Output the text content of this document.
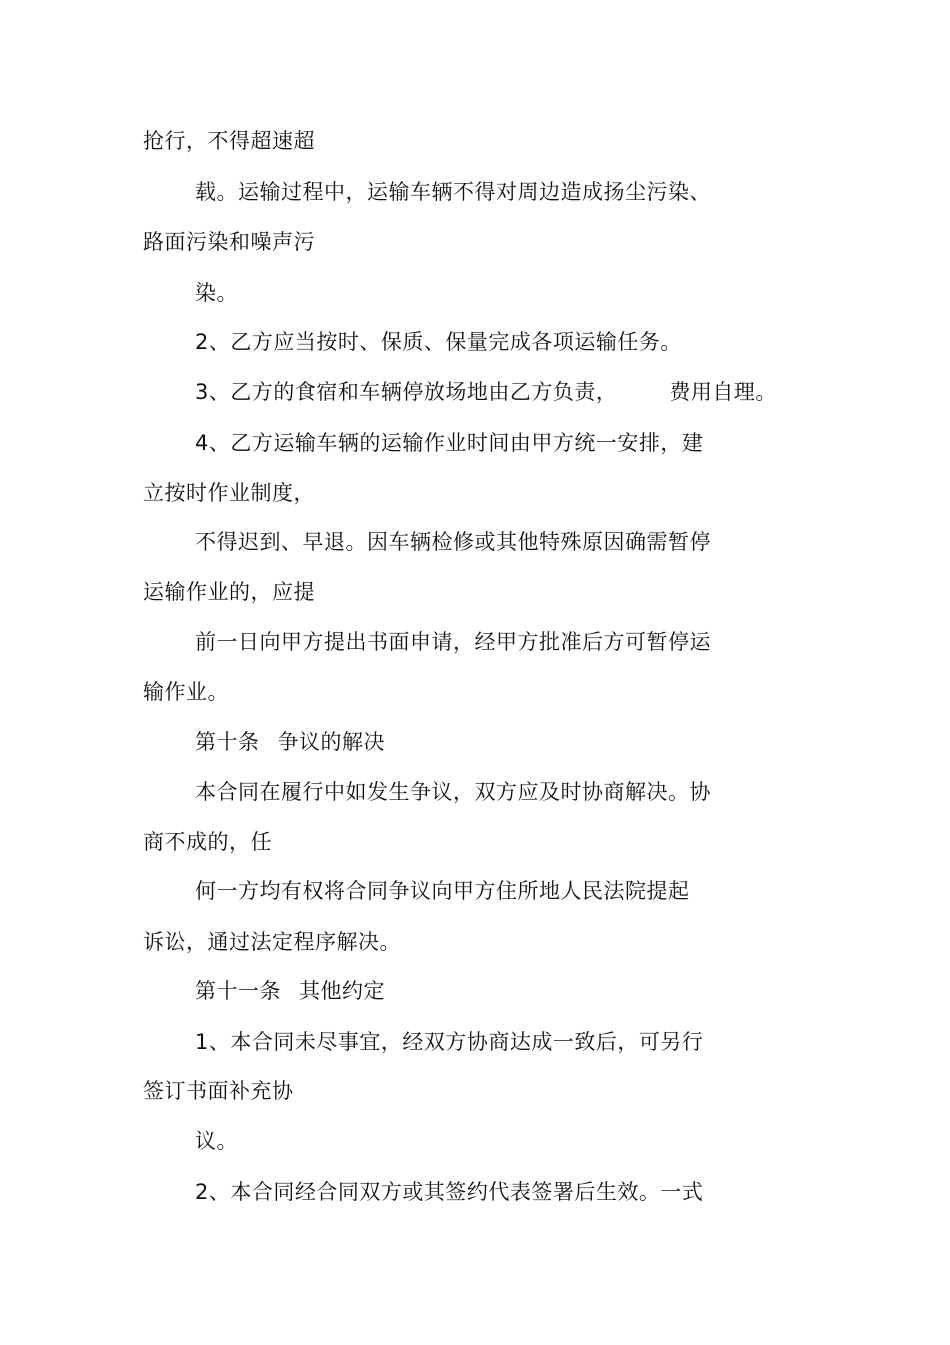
抢行，不得超速超
载。运输过程中，运输车辆不得对周边造成扬尘污染、
路面污染和噪声污
染。
2、乙方应当按时、保质、保量完成各项运输任务。
3、乙方的食宿和车辆停放场地由乙方负责， 费用自理。
4、乙方运输车辆的运输作业时间由甲方统一安排，建
立按时作业制度，
不得迟到、早退。因车辆检修或其他特殊原因确需暂停
运输作业的，应提
前一日向甲方提出书面申请，经甲方批准后方可暂停运
输作业。
第十条 争议的解决
本合同在履行中如发生争议，双方应及时协商解决。协
商不成的，任
何一方均有权将合同争议向甲方住所地人民法院提起
诉讼，通过法定程序解决。
第十一条 其他约定
1、本合同未尽事宜，经双方协商达成一致后，可另行
签订书面补充协
议。
2、本合同经合同双方或其签约代表签署后生效。一式
